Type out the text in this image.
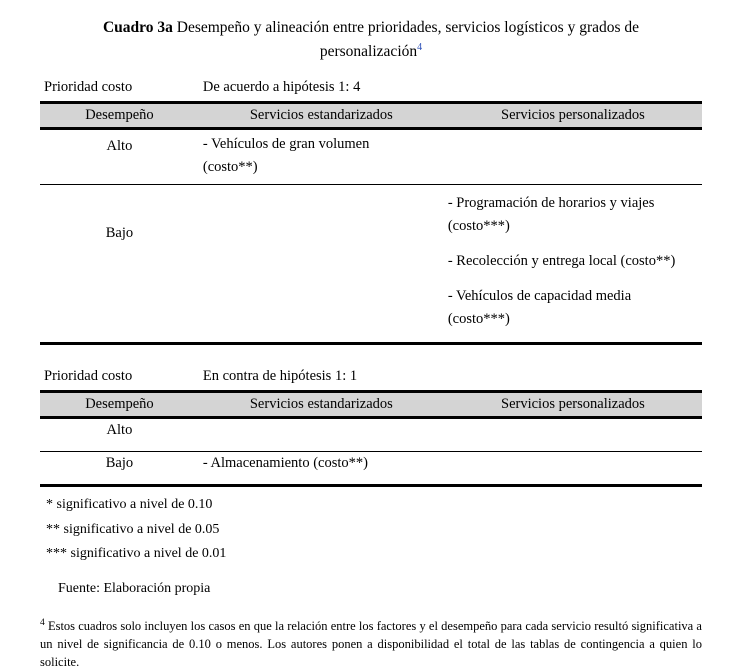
Cuadro 3a Desempeño y alineación entre prioridades, servicios logísticos y grados de personalización$^4$
Prioridad costo	De acuerdo a hipótesis 1: 4	
Desempeño	Servicios estandarizados	Servicios personalizados
Alto	- Vehículos de gran volumen
(costo**)	

Bajo		- Programación de horarios y viajes
(costo***)
- Recolección y entrega local (costo**)
- Vehículos de capacidad media
(costo***)

Prioridad costo	En contra de hipótesis 1: 1	
Desempeño	Servicios estandarizados	Servicios personalizados
Alto		
Bajo	- Almacenamiento (costo**)	
* significativo a nivel de 0.10
** significativo a nivel de 0.05
*** significativo a nivel de 0.01
Fuente: Elaboración propia
$^4$ Estos cuadros solo incluyen los casos en que la relación entre los factores y el desempeño para cada servicio resultó significativa a un nivel de significancia de 0.10 o menos. Los autores ponen a disponibilidad el total de las tablas de contingencia a quien lo solicite.
